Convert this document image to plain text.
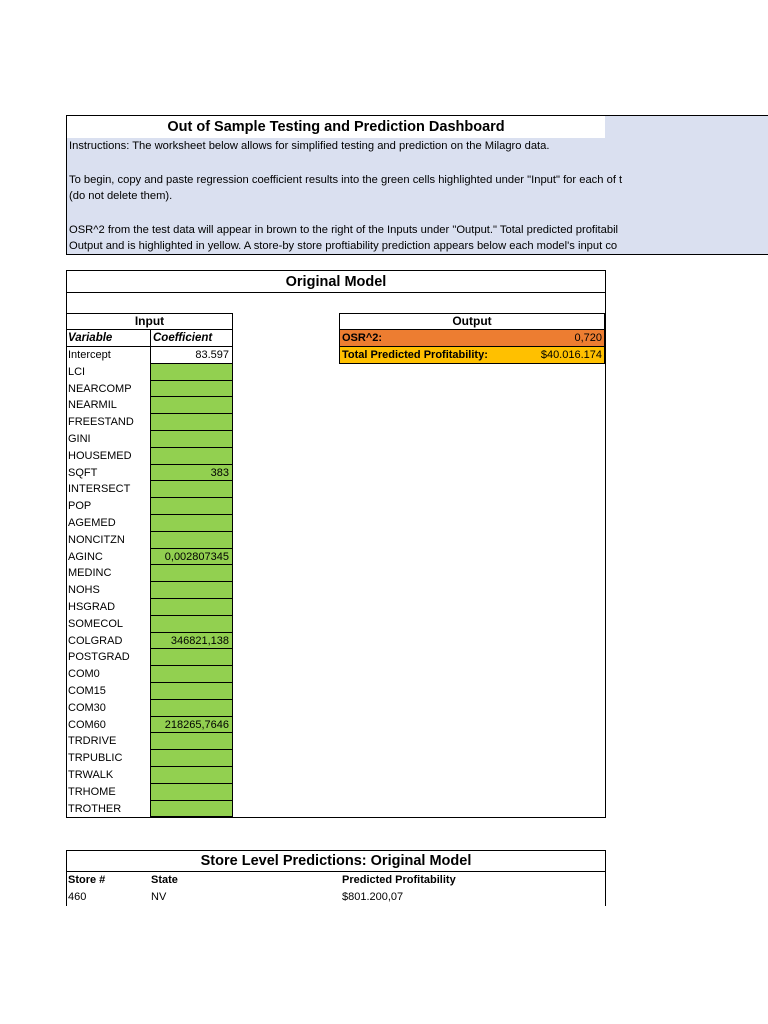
Out of Sample Testing and Prediction Dashboard
Instructions: The worksheet below allows for simplified testing and prediction on the Milagro data.
To begin, copy and paste regression coefficient results into the green cells highlighted under "Input" for each of t
(do not delete them).
OSR^2 from the test data will appear in brown to the right of the Inputs under "Output." Total predicted profitabil
Output and is highlighted in yellow. A store-by store proftiability prediction appears below each model's input co
Original Model
Input
Variable	Coefficient
Intercept	83.597
LCI
NEARCOMP
NEARMIL
FREESTAND
GINI
HOUSEMED
SQFT	383
INTERSECT
POP
AGEMED
NONCITZN
AGINC	0,002807345
MEDINC
NOHS
HSGRAD
SOMECOL
COLGRAD	346821,138
POSTGRAD
COM0
COM15
COM30
COM60	218265,7646
TRDRIVE
TRPUBLIC
TRWALK
TRHOME
TROTHER
Output
OSR^2:	0,720
Total Predicted Profitability:	$40.016.174
Store Level Predictions: Original Model
Store #	State	Predicted Profitability
460	NV	$801.200,07
